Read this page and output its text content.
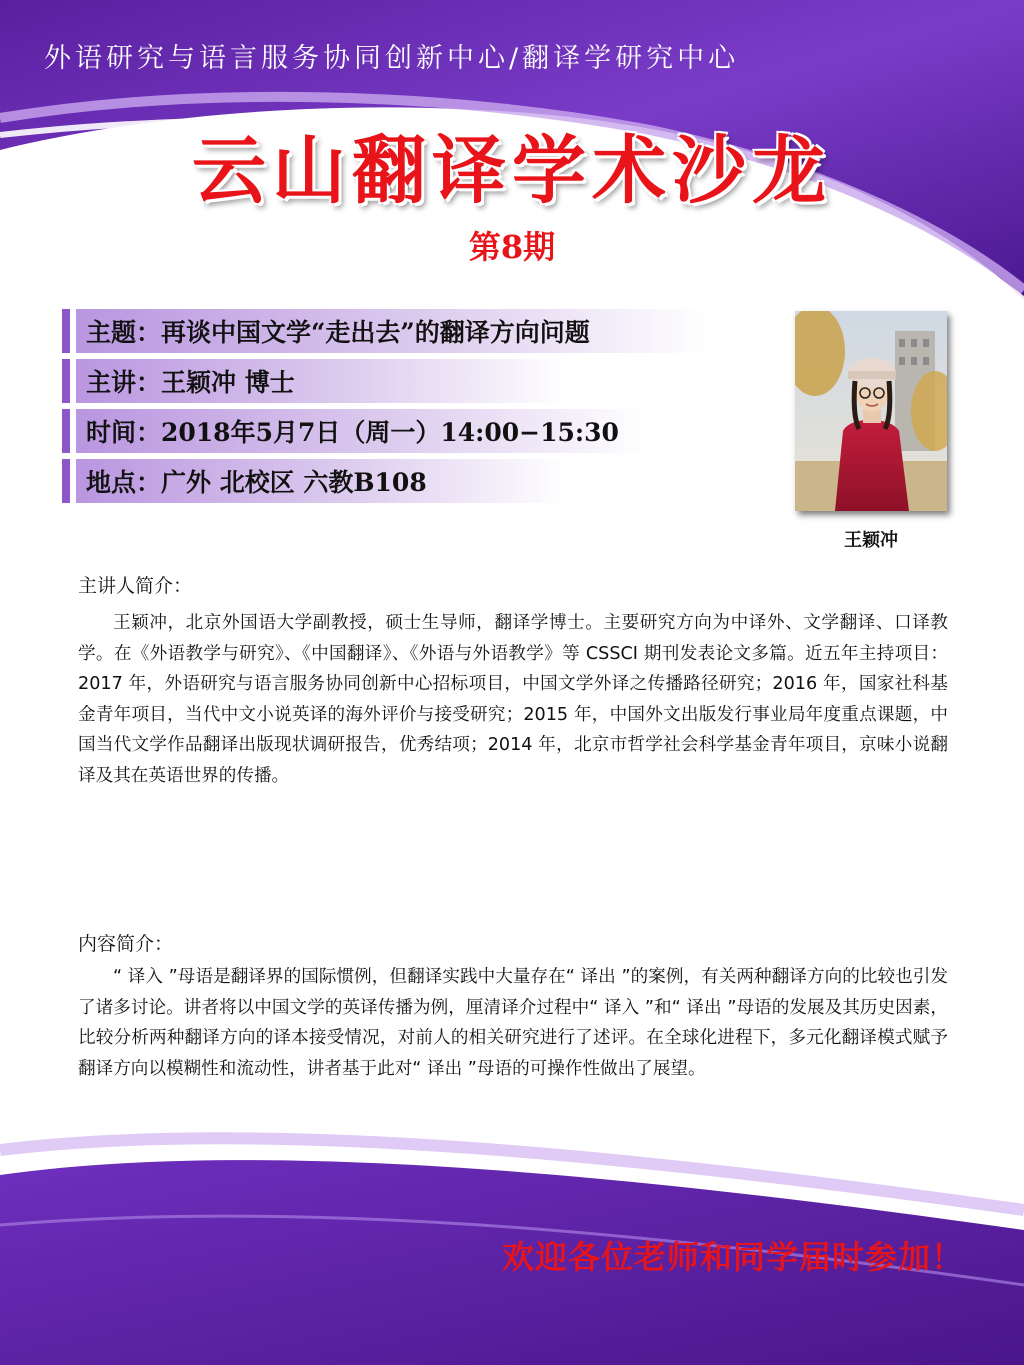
外语研究与语言服务协同创新中心/翻译学研究中心
云山翻译学术沙龙
第8期
主题：再谈中国文学“走出去”的翻译方向问题
主讲：王颖冲 博士
时间：2018年5月7日（周一）14:00−15:30
地点：广外 北校区 六教B108
王颖冲
主讲人简介：

王颖冲，北京外国语大学副教授，硕士生导师，翻译学博士。主要研究方向为中译外、文学翻译、口译教学。在《外语教学与研究》、《中国翻译》、《外语与外语教学》等 CSSCI 期刊发表论文多篇。近五年主持项目：2017 年，外语研究与语言服务协同创新中心招标项目，中国文学外译之传播路径研究；2016 年，国家社科基金青年项目，当代中文小说英译的海外评价与接受研究；2015 年，中国外文出版发行事业局年度重点课题，中国当代文学作品翻译出版现状调研报告，优秀结项；2014 年，北京市哲学社会科学基金青年项目，京味小说翻译及其在英语世界的传播。

内容简介：

“ 译入 ”母语是翻译界的国际惯例，但翻译实践中大量存在“ 译出 ”的案例，有关两种翻译方向的比较也引发了诸多讨论。讲者将以中国文学的英译传播为例，厘清译介过程中“ 译入 ”和“ 译出 ”母语的发展及其历史因素，比较分析两种翻译方向的译本接受情况，对前人的相关研究进行了述评。在全球化进程下，多元化翻译模式赋予翻译方向以模糊性和流动性，讲者基于此对“ 译出 ”母语的可操作性做出了展望。

欢迎各位老师和同学届时参加！
